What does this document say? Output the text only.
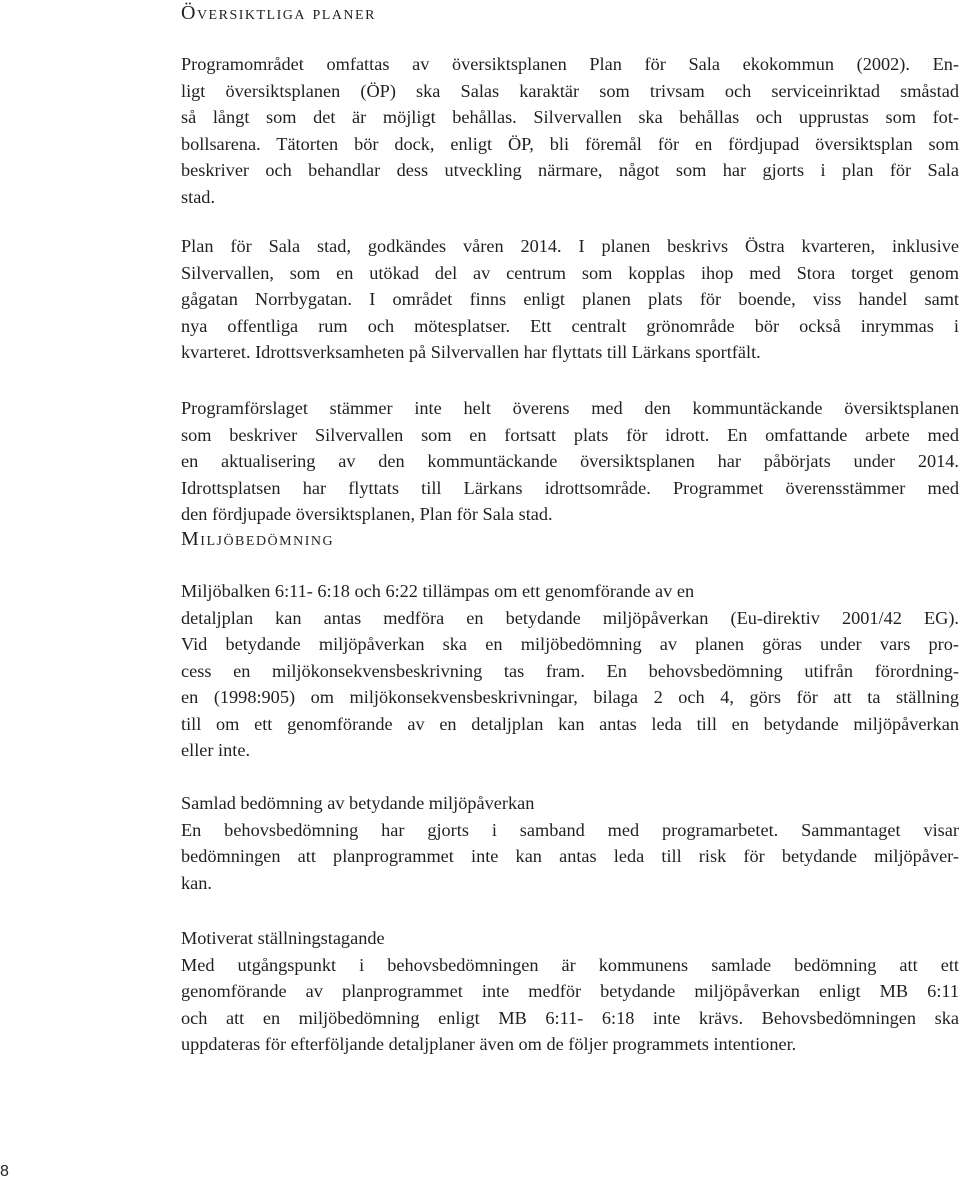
Översiktliga planer

Programområdet omfattas av översiktsplanen Plan för Sala ekokommun (2002). En-
ligt översiktsplanen (ÖP) ska Salas karaktär som trivsam och serviceinriktad småstad
så långt som det är möjligt behållas. Silvervallen ska behållas och upprustas som fot-
bollsarena. Tätorten bör dock, enligt ÖP, bli föremål för en fördjupad översiktsplan som
beskriver och behandlar dess utveckling närmare, något som har gjorts i plan för Sala
stad.

Plan för Sala stad, godkändes våren 2014. I planen beskrivs Östra kvarteren, inklusive
Silvervallen, som en utökad del av centrum som kopplas ihop med Stora torget genom
gågatan Norrbygatan. I området finns enligt planen plats för boende, viss handel samt
nya offentliga rum och mötesplatser. Ett centralt grönområde bör också inrymmas i
kvarteret. Idrottsverksamheten på Silvervallen har flyttats till Lärkans sportfält.

Programförslaget stämmer inte helt överens med den kommuntäckande översiktsplanen
som beskriver Silvervallen som en fortsatt plats för idrott. En omfattande arbete med
en aktualisering av den kommuntäckande översiktsplanen har påbörjats under 2014.
Idrottsplatsen har flyttats till Lärkans idrottsområde. Programmet överensstämmer med
den fördjupade översiktsplanen, Plan för Sala stad.

Miljöbedömning

Miljöbalken 6:11- 6:18 och 6:22 tillämpas om ett genomförande av en
detaljplan kan antas medföra en betydande miljöpåverkan (Eu-direktiv 2001/42 EG).
Vid betydande miljöpåverkan ska en miljöbedömning av planen göras under vars pro-
cess en miljökonsekvensbeskrivning tas fram. En behovsbedömning utifrån förordning-
en (1998:905) om miljökonsekvensbeskrivningar, bilaga 2 och 4, görs för att ta ställning
till om ett genomförande av en detaljplan kan antas leda till en betydande miljöpåverkan
eller inte.

Samlad bedömning av betydande miljöpåverkan
En behovsbedömning har gjorts i samband med programarbetet. Sammantaget visar
bedömningen att planprogrammet inte kan antas leda till risk för betydande miljöpåver-
kan.

Motiverat ställningstagande
Med utgångspunkt i behovsbedömningen är kommunens samlade bedömning att ett
genomförande av planprogrammet inte medför betydande miljöpåverkan enligt MB 6:11
och att en miljöbedömning enligt MB 6:11- 6:18 inte krävs. Behovsbedömningen ska
uppdateras för efterföljande detaljplaner även om de följer programmets intentioner.

8
